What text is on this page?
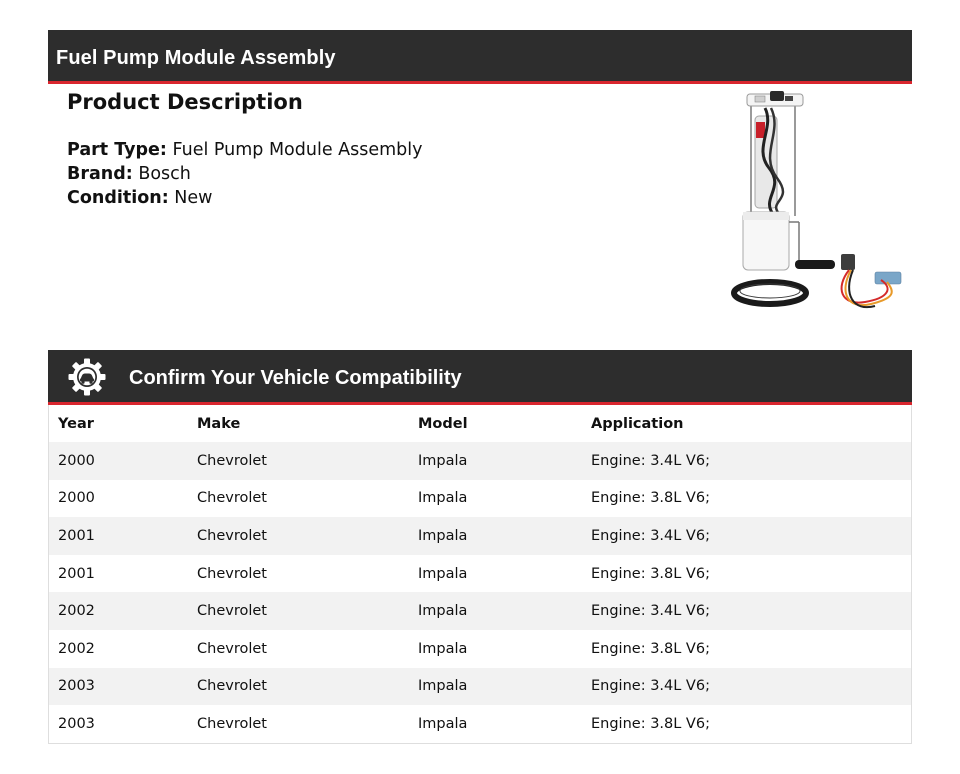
Fuel Pump Module Assembly
Product Description
Part Type: Fuel Pump Module Assembly
Brand: Bosch
Condition: New
Confirm Your Vehicle Compatibility
Year	Make	Model	Application
2000	Chevrolet	Impala	Engine: 3.4L V6;
2000	Chevrolet	Impala	Engine: 3.8L V6;
2001	Chevrolet	Impala	Engine: 3.4L V6;
2001	Chevrolet	Impala	Engine: 3.8L V6;
2002	Chevrolet	Impala	Engine: 3.4L V6;
2002	Chevrolet	Impala	Engine: 3.8L V6;
2003	Chevrolet	Impala	Engine: 3.4L V6;
2003	Chevrolet	Impala	Engine: 3.8L V6;
